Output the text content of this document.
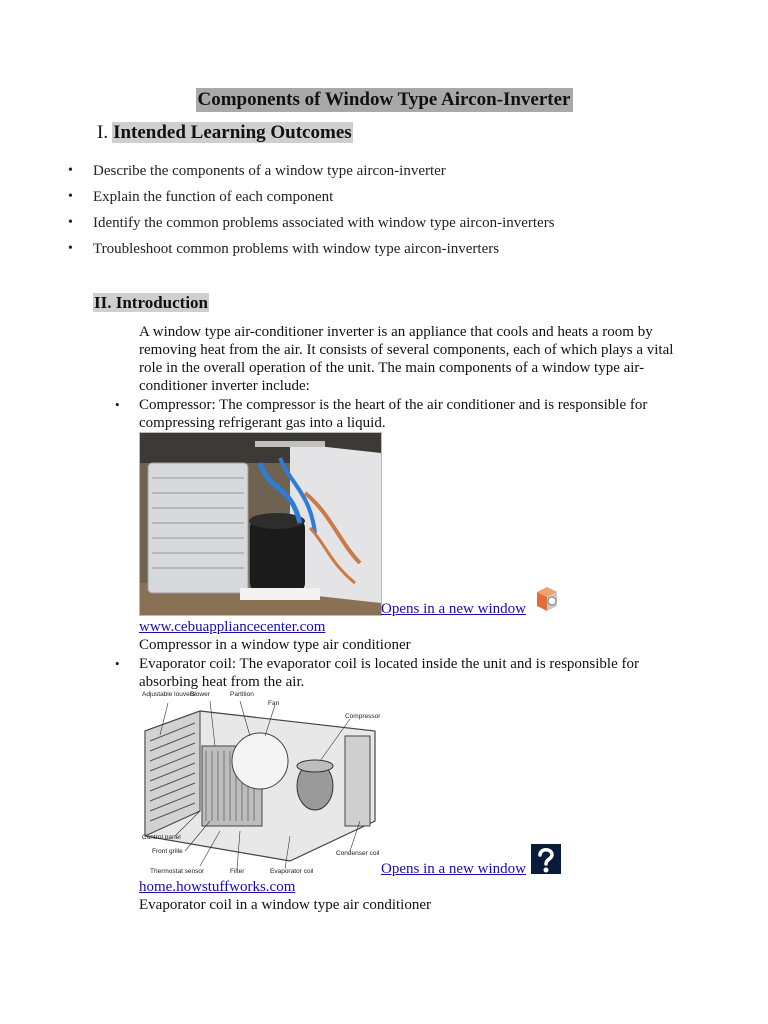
Components of Window Type Aircon-Inverter
I. Intended Learning Outcomes
• Describe the components of a window type aircon-inverter
• Explain the function of each component
• Identify the common problems associated with window type aircon-inverters
• Troubleshoot common problems with window type aircon-inverters
II. Introduction

A window type air-conditioner inverter is an appliance that cools and heats a room by removing heat from the air. It consists of several components, each of which plays a vital role in the overall operation of the unit. The main components of a window type air-conditioner inverter include:

• Compressor: The compressor is the heart of the air conditioner and is responsible for compressing refrigerant gas into a liquid.
Opens in a new window
www.cebuappliancecenter.com
Compressor in a window type air conditioner
• Evaporator coil: The evaporator coil is located inside the unit and is responsible for absorbing heat from the air.
Adjustable louvers
Blower	Partition
Fan
Compressor
Control panel
Front grille
Thermostat sensor	Filter	Evaporator coil
Condenser coil
Opens in a new window
home.howstuffworks.com
Evaporator coil in a window type air conditioner
